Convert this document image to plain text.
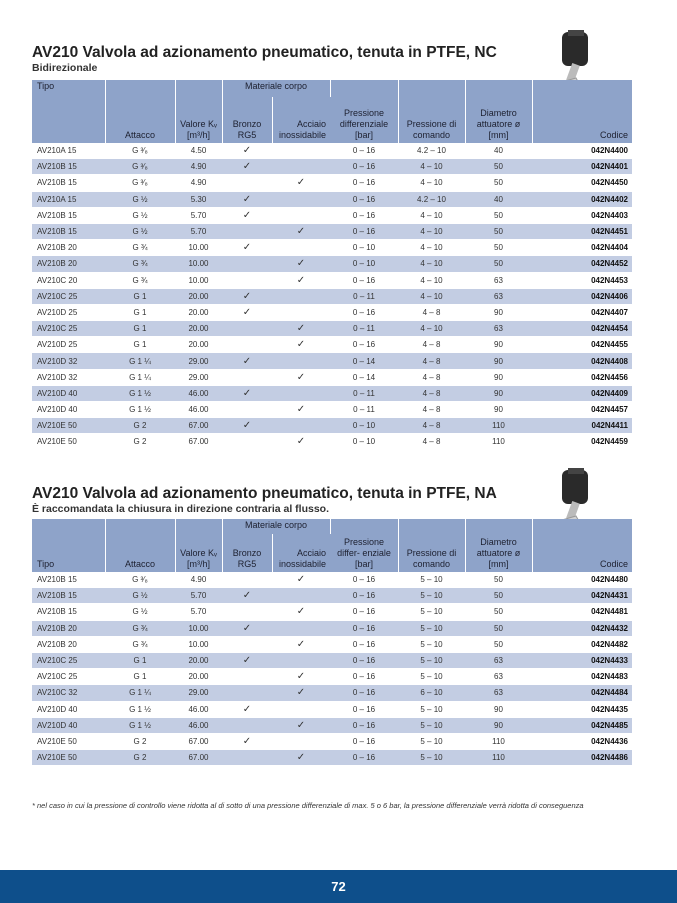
AV210 Valvola ad azionamento pneumatico, tenuta in PTFE, NC
Bidirezionale
Tipo	Attacco	Valore Kᵥ [m³/h]	Materiale corpo		Pressione differenziale [bar]	Pressione di comando	Diametro attuatore ø [mm]	Codice
			Bronzo RG5	Acciaio inossidabile				
AV210A 15	G ³⁄₈	4.50	✓		0 – 16	4.2 – 10	40	042N4400
AV210B 15	G ³⁄₈	4.90	✓		0 – 16	4 – 10	50	042N4401
AV210B 15	G ³⁄₈	4.90		✓	0 – 16	4 – 10	50	042N4450
AV210A 15	G ½	5.30	✓		0 – 16	4.2 – 10	40	042N4402
AV210B 15	G ½	5.70	✓		0 – 16	4 – 10	50	042N4403
AV210B 15	G ½	5.70		✓	0 – 16	4 – 10	50	042N4451
AV210B 20	G ¾	10.00	✓		0 – 10	4 – 10	50	042N4404
AV210B 20	G ¾	10.00		✓	0 – 10	4 – 10	50	042N4452
AV210C 20	G ¾	10.00		✓	0 – 16	4 – 10	63	042N4453
AV210C 25	G 1	20.00	✓		0 – 11	4 – 10	63	042N4406
AV210D 25	G 1	20.00	✓		0 – 16	4 – 8	90	042N4407
AV210C 25	G 1	20.00		✓	0 – 11	4 – 10	63	042N4454
AV210D 25	G 1	20.00		✓	0 – 16	4 – 8	90	042N4455
AV210D 32	G 1 ¼	29.00	✓		0 – 14	4 – 8	90	042N4408
AV210D 32	G 1 ¼	29.00		✓	0 – 14	4 – 8	90	042N4456
AV210D 40	G 1 ½	46.00	✓		0 – 11	4 – 8	90	042N4409
AV210D 40	G 1 ½	46.00		✓	0 – 11	4 – 8	90	042N4457
AV210E 50	G 2	67.00	✓		0 – 10	4 – 8	110	042N4411
AV210E 50	G 2	67.00		✓	0 – 10	4 – 8	110	042N4459
AV210 Valvola ad azionamento pneumatico, tenuta in PTFE, NA
È raccomandata la chiusura in direzione contraria al flusso.
Tipo	Attacco	Valore Kᵥ [m³/h]	Materiale corpo		Pressione differ- enziale [bar]	Pressione di comando	Diametro attuatore ø [mm]	Codice
			Bronzo RG5	Acciaio inossidabile				
AV210B 15	G ³⁄₈	4.90		✓	0 – 16	5 – 10	50	042N4480
AV210B 15	G ½	5.70	✓		0 – 16	5 – 10	50	042N4431
AV210B 15	G ½	5.70		✓	0 – 16	5 – 10	50	042N4481
AV210B 20	G ¾	10.00	✓		0 – 16	5 – 10	50	042N4432
AV210B 20	G ¾	10.00		✓	0 – 16	5 – 10	50	042N4482
AV210C 25	G 1	20.00	✓		0 – 16	5 – 10	63	042N4433
AV210C 25	G 1	20.00		✓	0 – 16	5 – 10	63	042N4483
AV210C 32	G 1 ¼	29.00		✓	0 – 16	6 – 10	63	042N4484
AV210D 40	G 1 ½	46.00	✓		0 – 16	5 – 10	90	042N4435
AV210D 40	G 1 ½	46.00		✓	0 – 16	5 – 10	90	042N4485
AV210E 50	G 2	67.00	✓		0 – 16	5 – 10	110	042N4436
AV210E 50	G 2	67.00		✓	0 – 16	5 – 10	110	042N4486
* nel caso in cui la pressione di controllo viene ridotta al di sotto di una pressione differenziale di max. 5 o 6 bar, la pressione differenziale verrà ridotta di conseguenza
72
